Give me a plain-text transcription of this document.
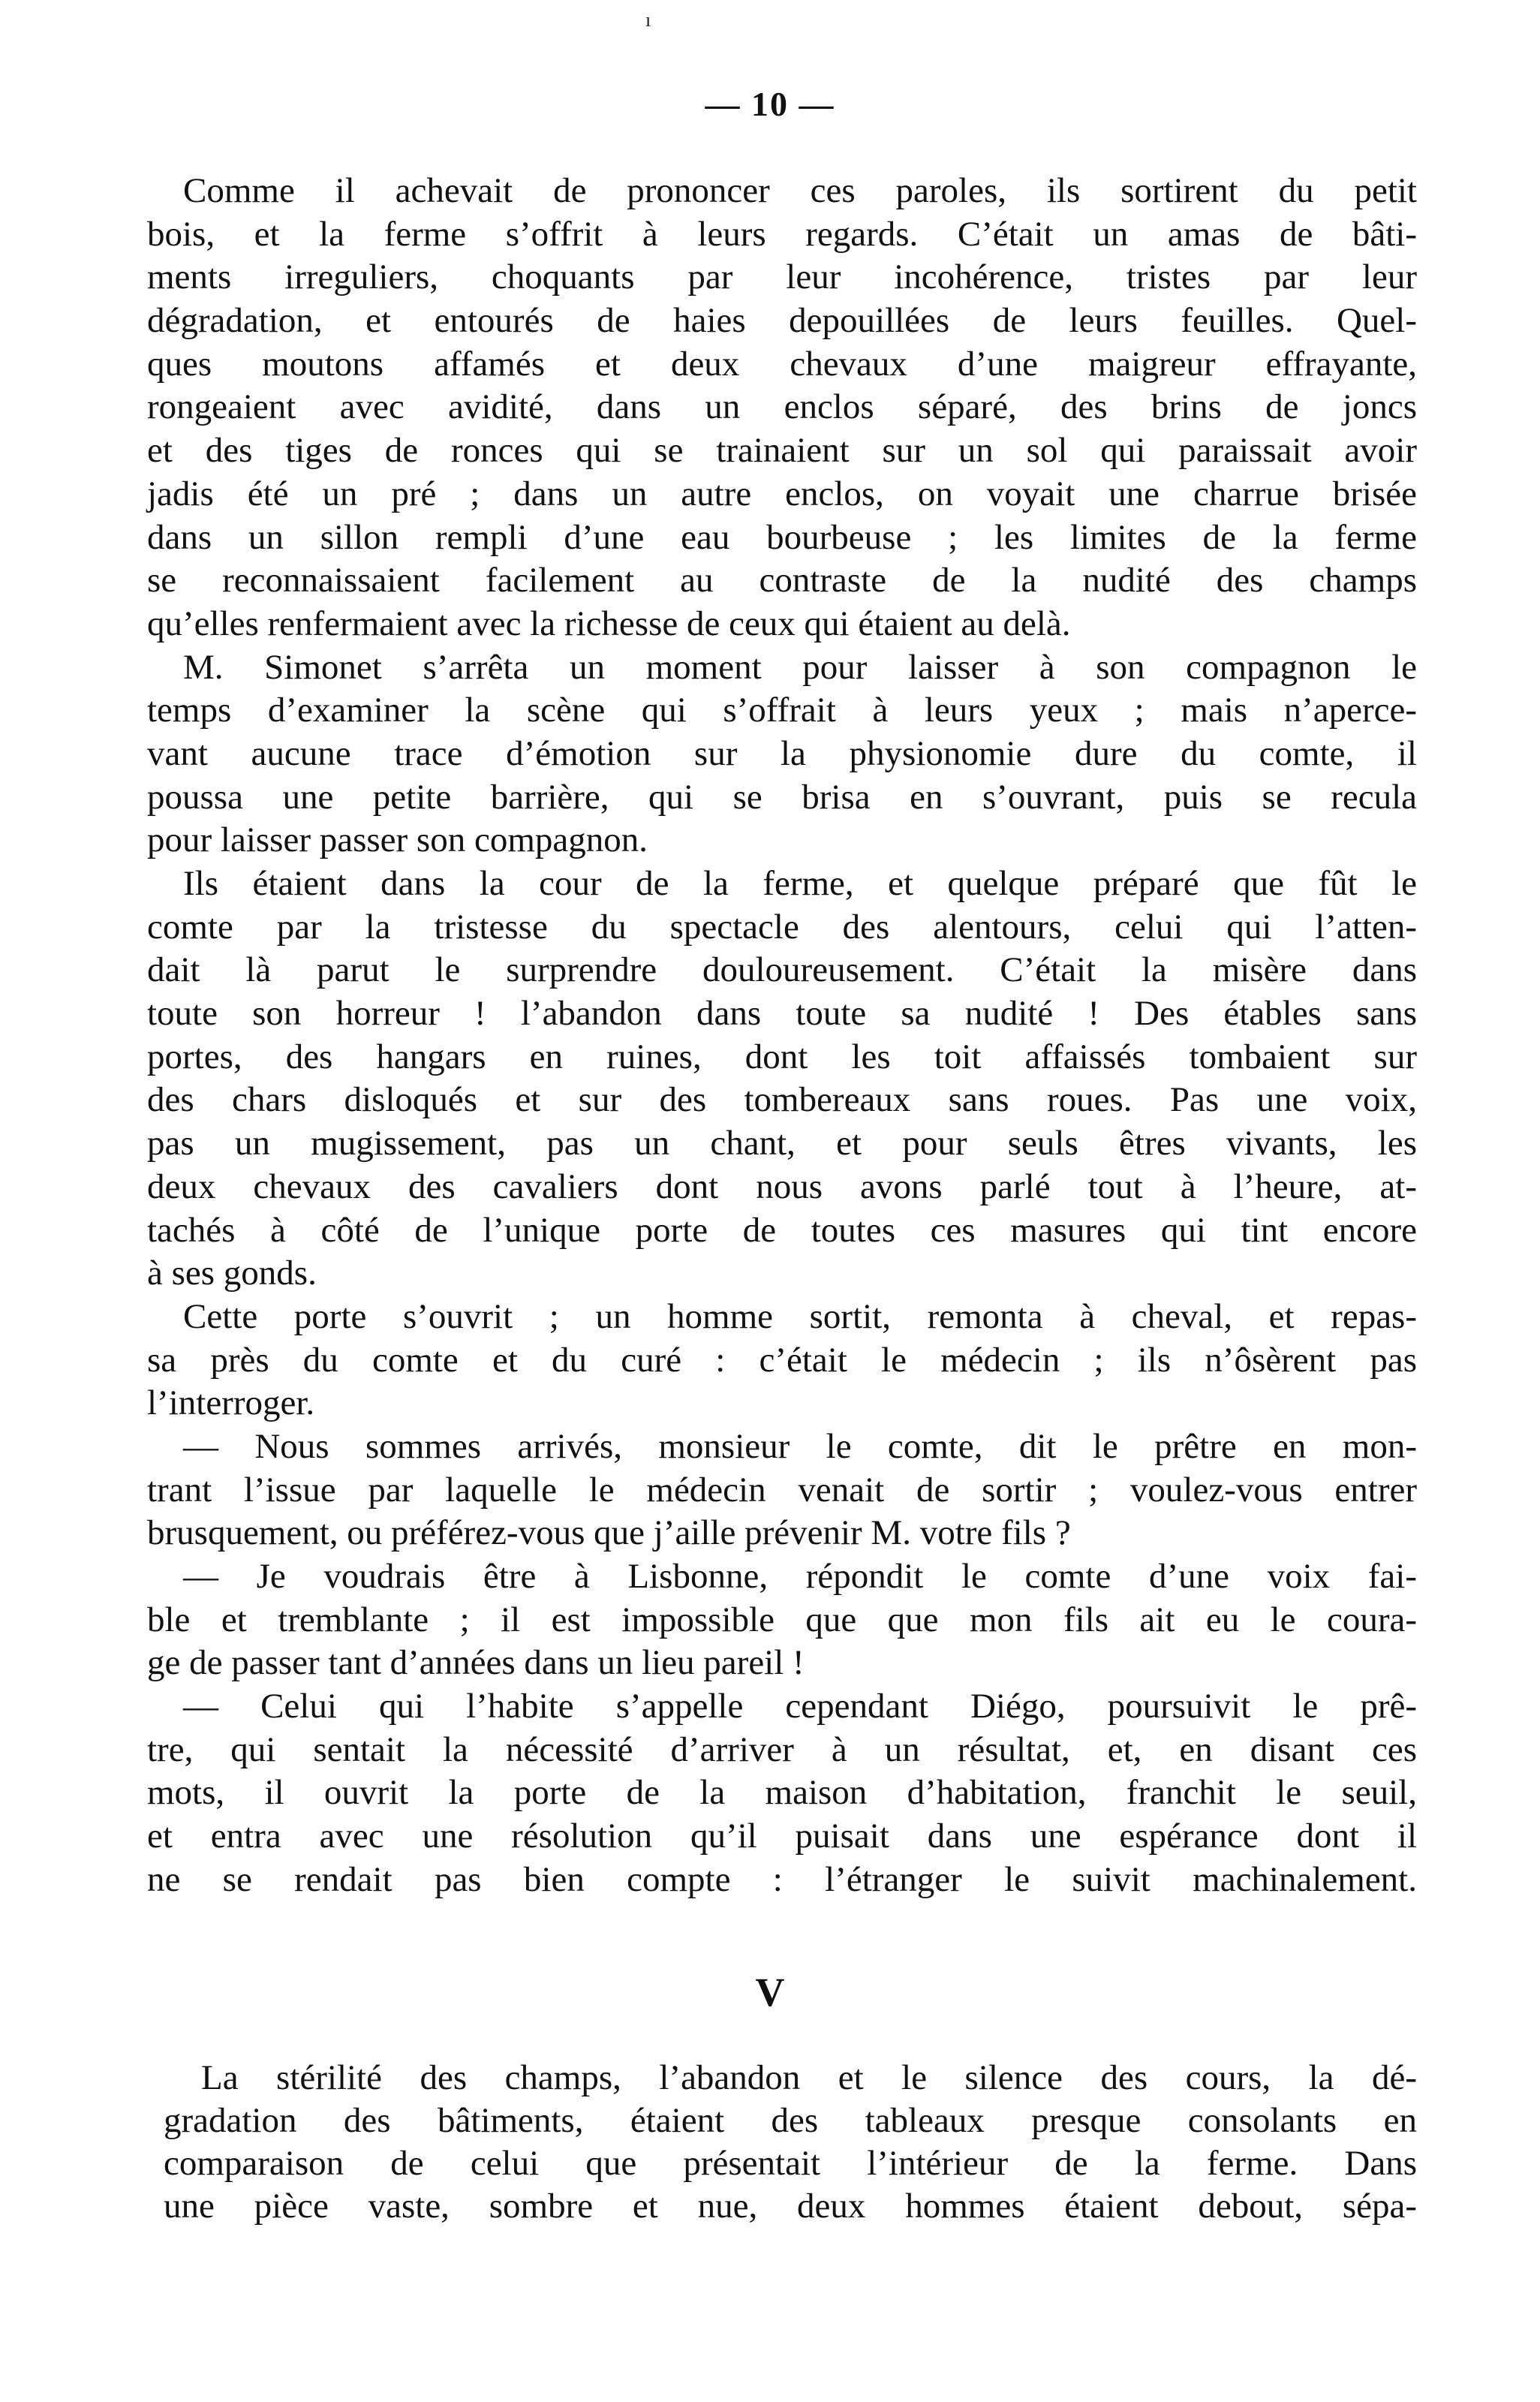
ı
— 10 —
Comme il achevait de prononcer ces paroles, ils sortirent du petit
bois, et la ferme s’offrit à leurs regards. C’était un amas de bâti-
ments irreguliers, choquants par leur incohérence, tristes par leur
dégradation, et entourés de haies depouillées de leurs feuilles. Quel-
ques moutons affamés et deux chevaux d’une maigreur effrayante,
rongeaient avec avidité, dans un enclos séparé, des brins de joncs
et des tiges de ronces qui se trainaient sur un sol qui paraissait avoir
jadis été un pré ; dans un autre enclos, on voyait une charrue brisée
dans un sillon rempli d’une eau bourbeuse ; les limites de la ferme
se reconnaissaient facilement au contraste de la nudité des champs
qu’elles renfermaient avec la richesse de ceux qui étaient au delà.
M. Simonet s’arrêta un moment pour laisser à son compagnon le
temps d’examiner la scène qui s’offrait à leurs yeux ; mais n’aperce-
vant aucune trace d’émotion sur la physionomie dure du comte, il
poussa une petite barrière, qui se brisa en s’ouvrant, puis se recula
pour laisser passer son compagnon.
Ils étaient dans la cour de la ferme, et quelque préparé que fût le
comte par la tristesse du spectacle des alentours, celui qui l’atten-
dait là parut le surprendre douloureusement. C’était la misère dans
toute son horreur ! l’abandon dans toute sa nudité ! Des étables sans
portes, des hangars en ruines, dont les toit affaissés tombaient sur
des chars disloqués et sur des tombereaux sans roues. Pas une voix,
pas un mugissement, pas un chant, et pour seuls êtres vivants, les
deux chevaux des cavaliers dont nous avons parlé tout à l’heure, at-
tachés à côté de l’unique porte de toutes ces masures qui tint encore
à ses gonds.
Cette porte s’ouvrit ; un homme sortit, remonta à cheval, et repas-
sa près du comte et du curé : c’était le médecin ; ils n’ôsèrent pas
l’interroger.
— Nous sommes arrivés, monsieur le comte, dit le prêtre en mon-
trant l’issue par laquelle le médecin venait de sortir ; voulez-vous entrer
brusquement, ou préférez-vous que j’aille prévenir M. votre fils ?
— Je voudrais être à Lisbonne, répondit le comte d’une voix fai-
ble et tremblante ; il est impossible que que mon fils ait eu le coura-
ge de passer tant d’années dans un lieu pareil !
— Celui qui l’habite s’appelle cependant Diégo, poursuivit le prê-
tre, qui sentait la nécessité d’arriver à un résultat, et, en disant ces
mots, il ouvrit la porte de la maison d’habitation, franchit le seuil,
et entra avec une résolution qu’il puisait dans une espérance dont il
ne se rendait pas bien compte : l’étranger le suivit machinalement.
V
La stérilité des champs, l’abandon et le silence des cours, la dé-
gradation des bâtiments, étaient des tableaux presque consolants en
comparaison de celui que présentait l’intérieur de la ferme. Dans
une pièce vaste, sombre et nue, deux hommes étaient debout, sépa-
